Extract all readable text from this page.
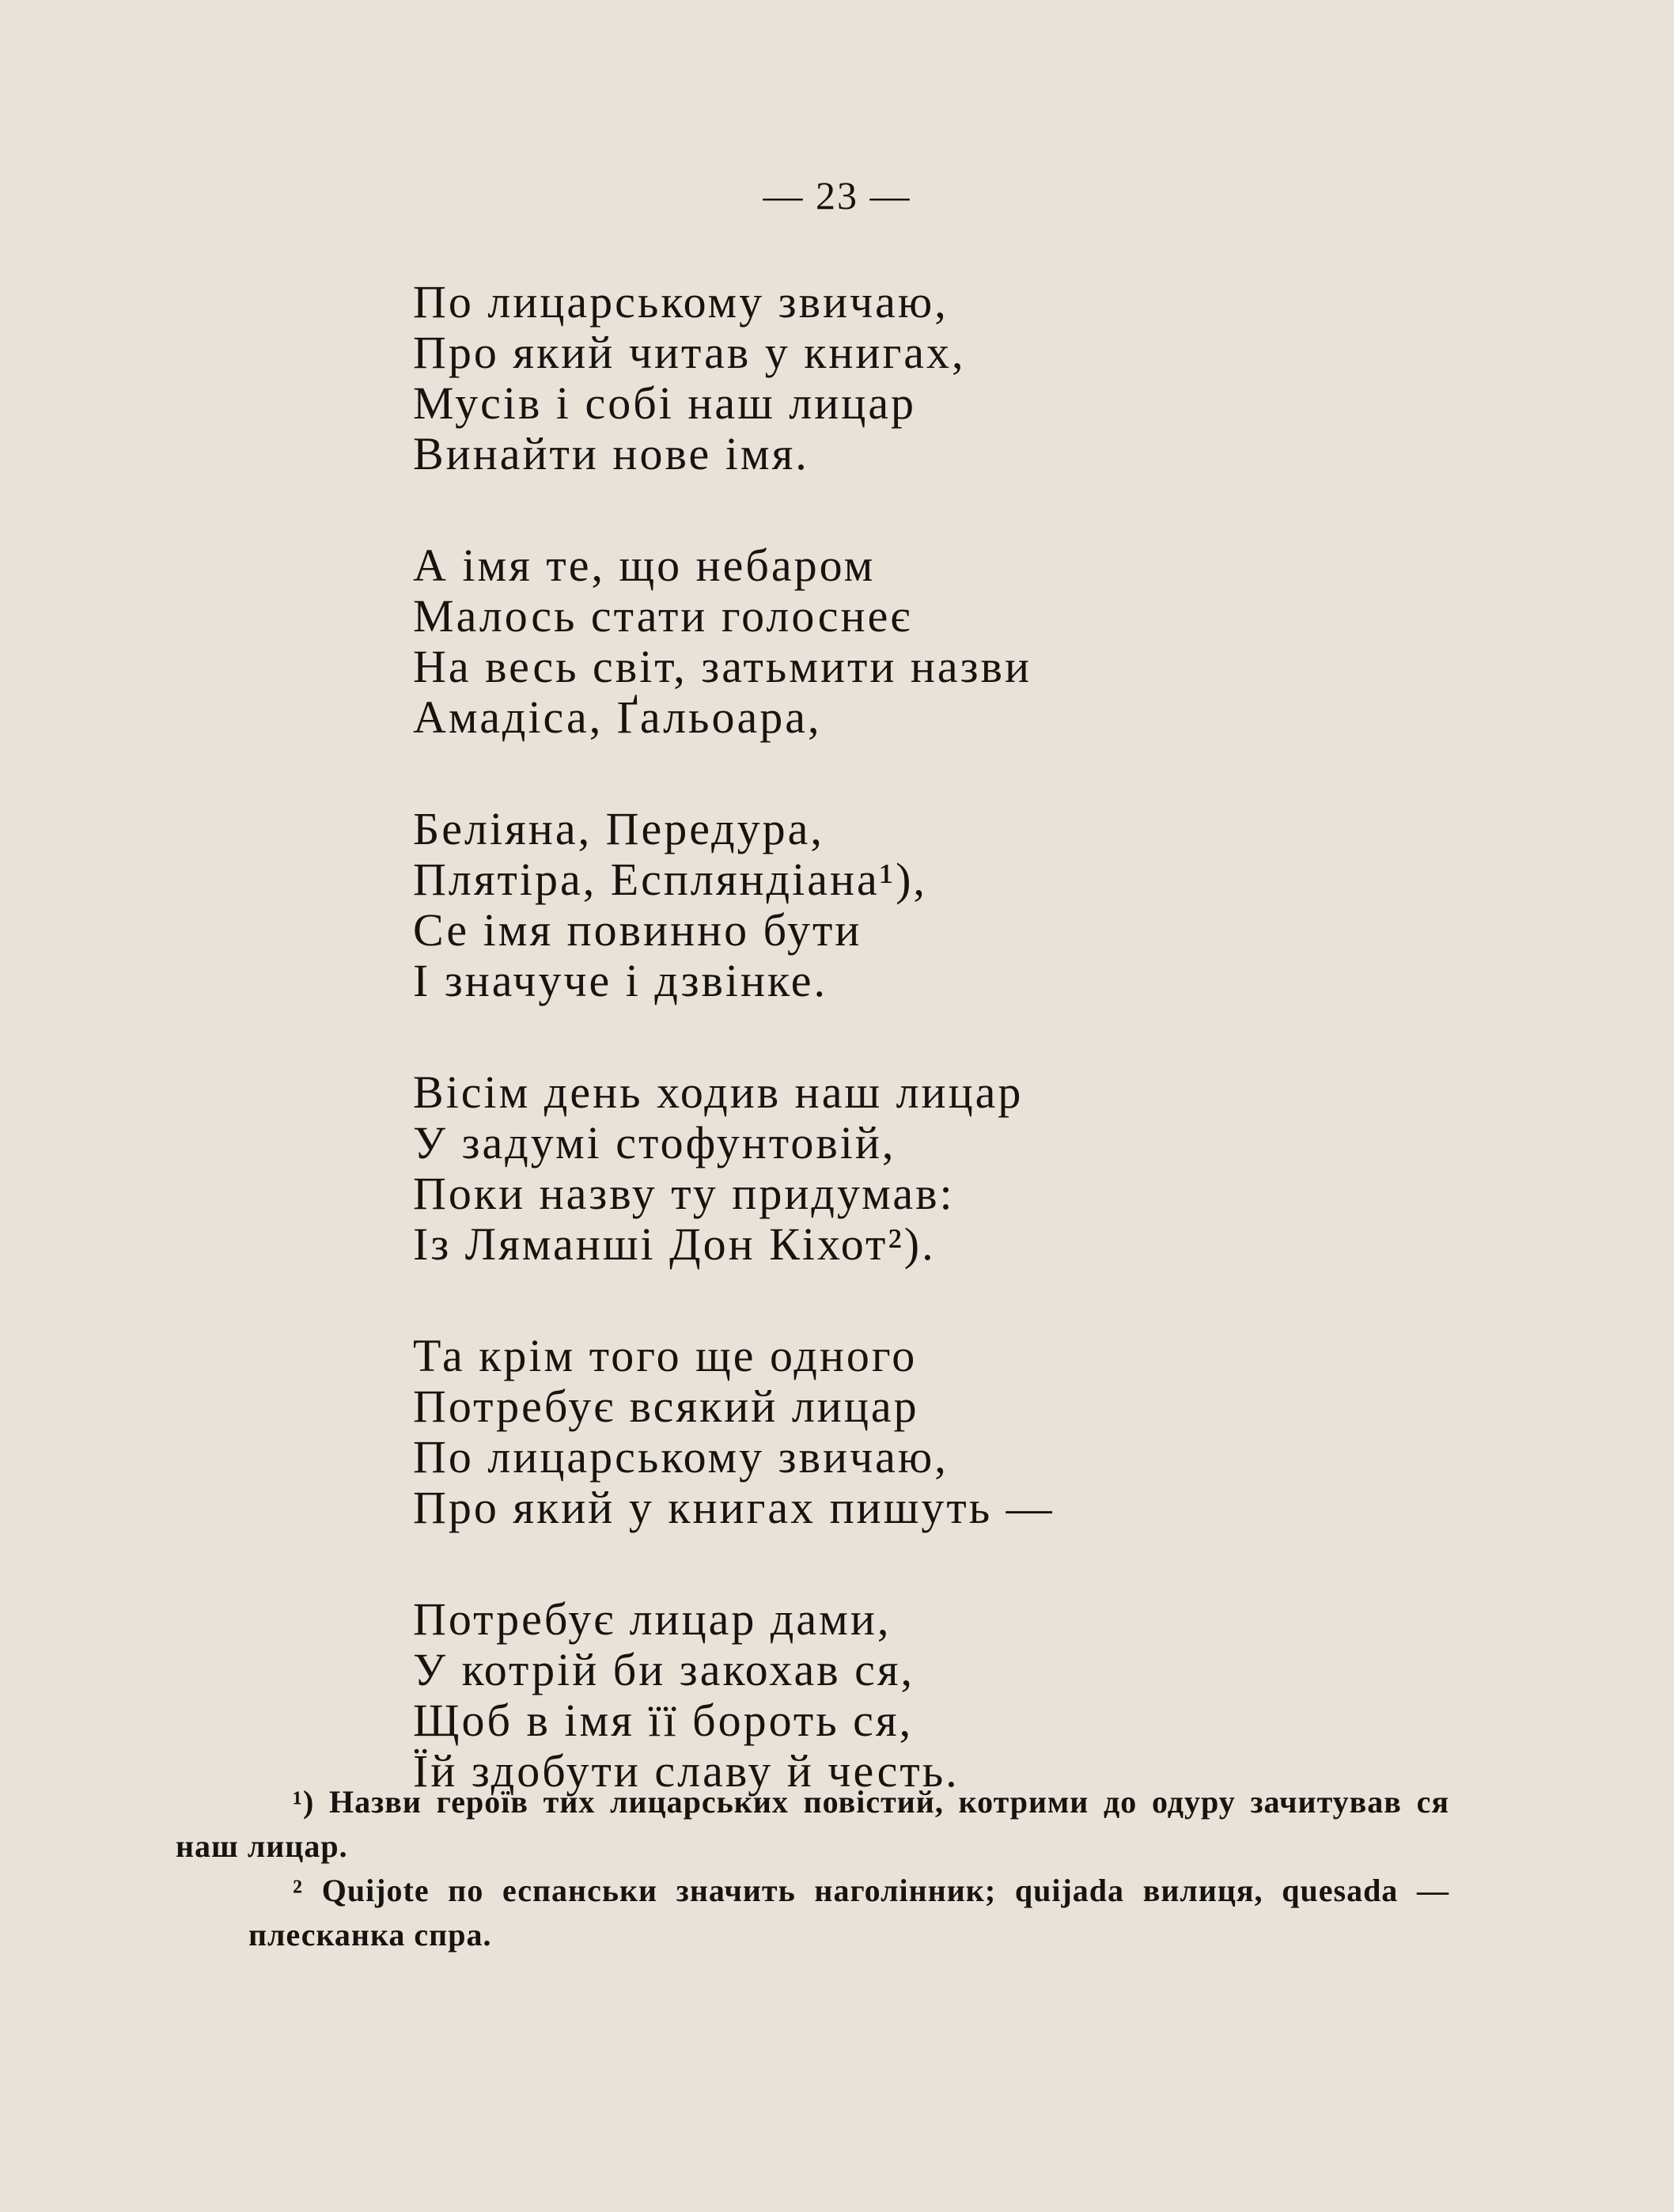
— 23 —
По лицарському звичаю,
Про який читав у книгах,
Мусів і собі наш лицар
Винайти нове імя.
А імя те, що небаром
Малось стати голоснеє
На весь світ, затьмити назви
Амадіса, Ґальоара,
Беліяна, Передура,
Плятіра, Еспляндіана¹),
Се імя повинно бути
І значуче і дзвінке.
Вісім день ходив наш лицар
У задумі стофунтовій,
Поки назву ту придумав:
Із Ляманші Дон Кіхот²).
Та крім того ще одного
Потребує всякий лицар
По лицарському звичаю,
Про який у книгах пишуть —
Потребує лицар дами,
У котрій би закохав ся,
Щоб в імя її бороть ся,
Їй здобути славу й честь.
¹) Назви героїв тих лицарських повістий, котрими до одуру зачитував ся наш лицар.
² Quijote по еспанськи значить наголінник; quijada вилиця, quesada — плесканка спра.
